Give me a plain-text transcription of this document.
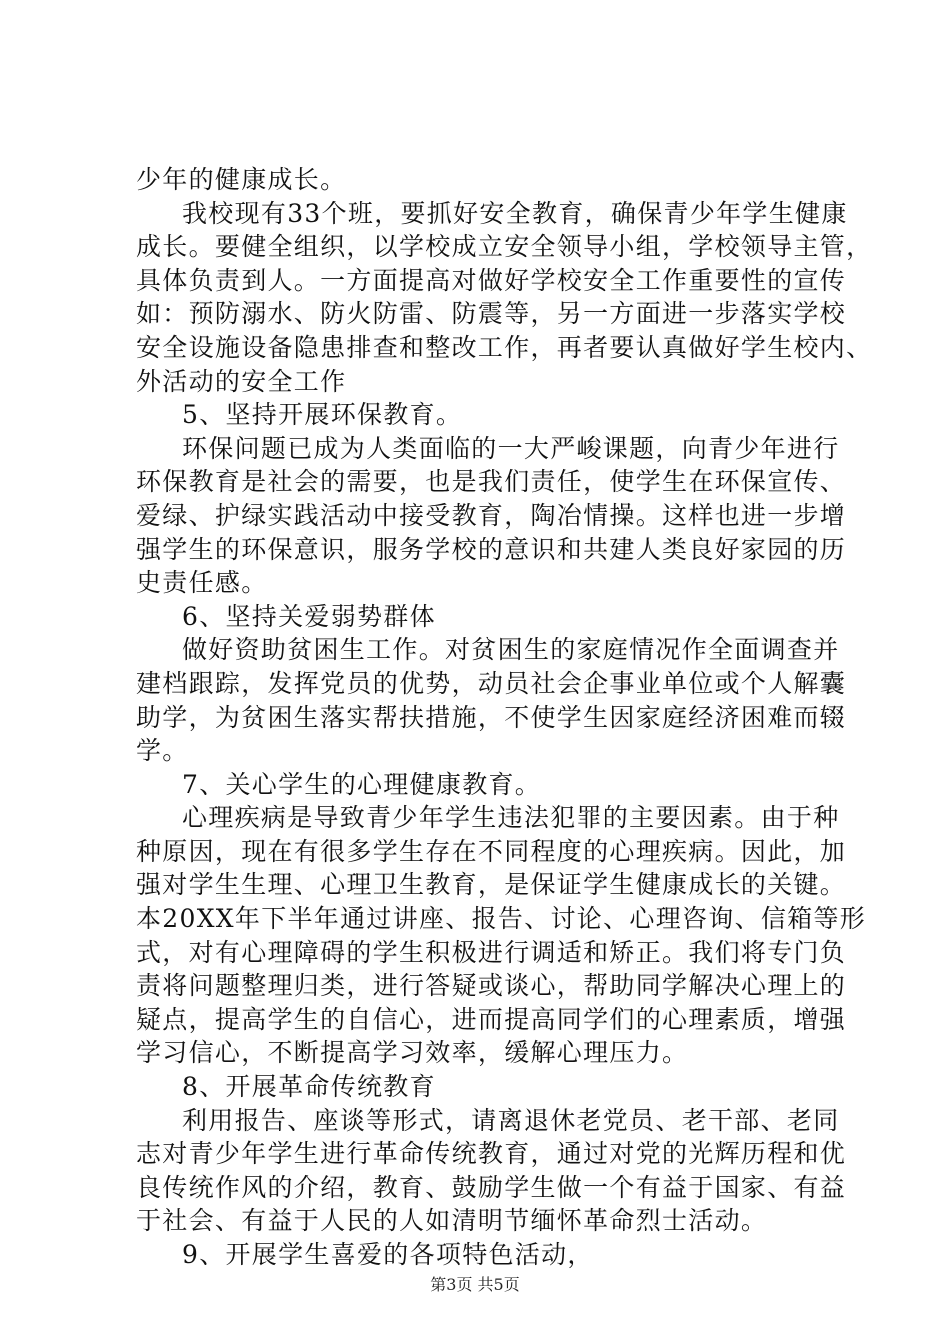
少年的健康成长。
我校现有33个班，要抓好安全教育，确保青少年学生健康
成长。要健全组织，以学校成立安全领导小组，学校领导主管，
具体负责到人。一方面提高对做好学校安全工作重要性的宣传
如：预防溺水、防火防雷、防震等，另一方面进一步落实学校
安全设施设备隐患排查和整改工作，再者要认真做好学生校内、
外活动的安全工作
5、坚持开展环保教育。
环保问题已成为人类面临的一大严峻课题，向青少年进行
环保教育是社会的需要，也是我们责任，使学生在环保宣传、
爱绿、护绿实践活动中接受教育，陶冶情操。这样也进一步增
强学生的环保意识，服务学校的意识和共建人类良好家园的历
史责任感。
6、坚持关爱弱势群体
做好资助贫困生工作。对贫困生的家庭情况作全面调查并
建档跟踪，发挥党员的优势，动员社会企事业单位或个人解囊
助学，为贫困生落实帮扶措施，不使学生因家庭经济困难而辍
学。
7、关心学生的心理健康教育。
心理疾病是导致青少年学生违法犯罪的主要因素。由于种
种原因，现在有很多学生存在不同程度的心理疾病。因此，加
强对学生生理、心理卫生教育，是保证学生健康成长的关键。
本20XX年下半年通过讲座、报告、讨论、心理咨询、信箱等形
式，对有心理障碍的学生积极进行调适和矫正。我们将专门负
责将问题整理归类，进行答疑或谈心，帮助同学解决心理上的
疑点，提高学生的自信心，进而提高同学们的心理素质，增强
学习信心，不断提高学习效率，缓解心理压力。
8、开展革命传统教育
利用报告、座谈等形式，请离退休老党员、老干部、老同
志对青少年学生进行革命传统教育，通过对党的光辉历程和优
良传统作风的介绍，教育、鼓励学生做一个有益于国家、有益
于社会、有益于人民的人如清明节缅怀革命烈士活动。
9、开展学生喜爱的各项特色活动，
第3页 共5页
